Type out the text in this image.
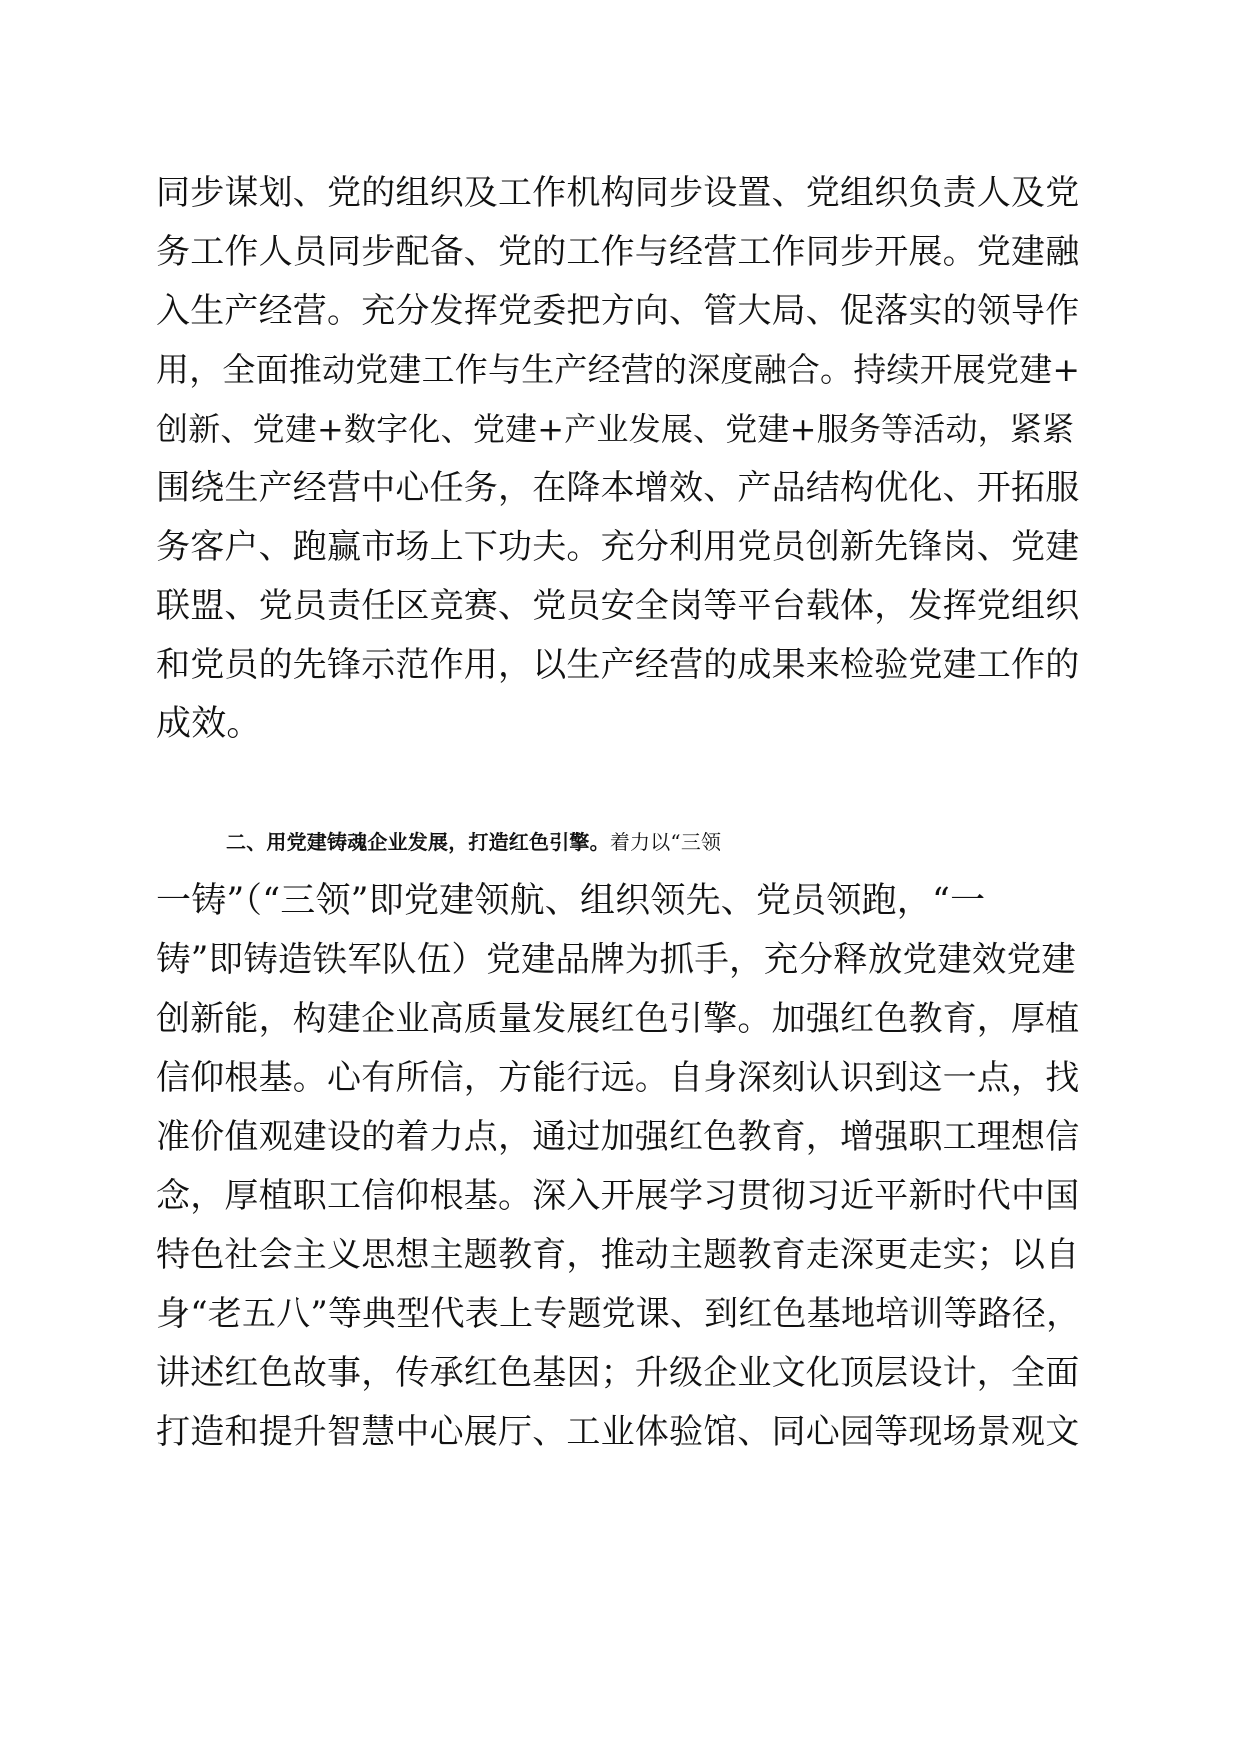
同步谋划、党的组织及工作机构同步设置、党组织负责人及党
务工作人员同步配备、党的工作与经营工作同步开展。党建融
入生产经营。充分发挥党委把方向、管大局、促落实的领导作
用，全面推动党建工作与生产经营的深度融合。持续开展党建+
创新、党建+数字化、党建+产业发展、党建+服务等活动，紧紧
围绕生产经营中心任务，在降本增效、产品结构优化、开拓服
务客户、跑赢市场上下功夫。充分利用党员创新先锋岗、党建
联盟、党员责任区竞赛、党员安全岗等平台载体，发挥党组织
和党员的先锋示范作用，以生产经营的成果来检验党建工作的
成效。
二、用党建铸魂企业发展，打造红色引擎。着力以“三领
一铸”（“三领”即党建领航、组织领先、党员领跑，“一
铸”即铸造铁军队伍）党建品牌为抓手，充分释放党建效党建
创新能，构建企业高质量发展红色引擎。加强红色教育，厚植
信仰根基。心有所信，方能行远。自身深刻认识到这一点，找
准价值观建设的着力点，通过加强红色教育，增强职工理想信
念，厚植职工信仰根基。深入开展学习贯彻习近平新时代中国
特色社会主义思想主题教育，推动主题教育走深更走实；以自
身“老五八”等典型代表上专题党课、到红色基地培训等路径，
讲述红色故事，传承红色基因；升级企业文化顶层设计，全面
打造和提升智慧中心展厅、工业体验馆、同心园等现场景观文
